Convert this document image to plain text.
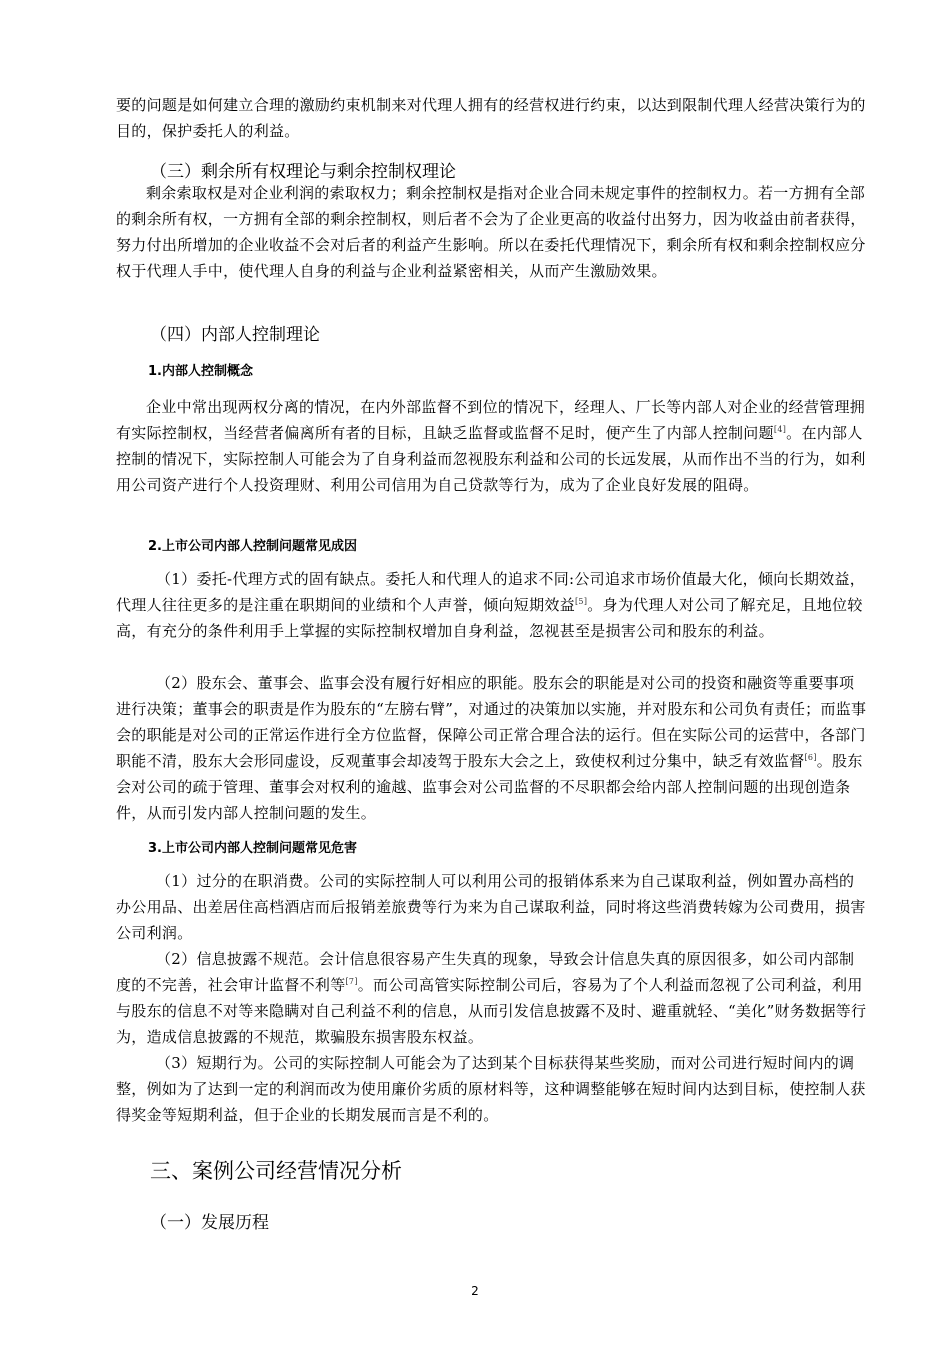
要的问题是如何建立合理的激励约束机制来对代理人拥有的经营权进行约束，以达到限制代理人经营决策行为的目的，保护委托人的利益。

（三）剩余所有权理论与剩余控制权理论

剩余索取权是对企业利润的索取权力；剩余控制权是指对企业合同未规定事件的控制权力。若一方拥有全部的剩余所有权，一方拥有全部的剩余控制权，则后者不会为了企业更高的收益付出努力，因为收益由前者获得，努力付出所增加的企业收益不会对后者的利益产生影响。所以在委托代理情况下，剩余所有权和剩余控制权应分权于代理人手中，使代理人自身的利益与企业利益紧密相关，从而产生激励效果。

（四）内部人控制理论
1.内部人控制概念

企业中常出现两权分离的情况，在内外部监督不到位的情况下，经理人、厂长等内部人对企业的经营管理拥有实际控制权，当经营者偏离所有者的目标，且缺乏监督或监督不足时，便产生了内部人控制问题[4]。在内部人控制的情况下，实际控制人可能会为了自身利益而忽视股东利益和公司的长远发展，从而作出不当的行为，如利用公司资产进行个人投资理财、利用公司信用为自己贷款等行为，成为了企业良好发展的阻碍。

2.上市公司内部人控制问题常见成因

（1）委托-代理方式的固有缺点。委托人和代理人的追求不同:公司追求市场价值最大化，倾向长期效益，代理人往往更多的是注重在职期间的业绩和个人声誉，倾向短期效益[5]。身为代理人对公司了解充足，且地位较高，有充分的条件利用手上掌握的实际控制权增加自身利益，忽视甚至是损害公司和股东的利益。

（2）股东会、董事会、监事会没有履行好相应的职能。股东会的职能是对公司的投资和融资等重要事项进行决策；董事会的职责是作为股东的“左膀右臂”，对通过的决策加以实施，并对股东和公司负有责任；而监事会的职能是对公司的正常运作进行全方位监督，保障公司正常合理合法的运行。但在实际公司的运营中，各部门职能不清，股东大会形同虚设，反观董事会却凌驾于股东大会之上，致使权利过分集中，缺乏有效监督[6]。股东会对公司的疏于管理、董事会对权利的逾越、监事会对公司监督的不尽职都会给内部人控制问题的出现创造条件，从而引发内部人控制问题的发生。

3.上市公司内部人控制问题常见危害

（1）过分的在职消费。公司的实际控制人可以利用公司的报销体系来为自己谋取利益，例如置办高档的办公用品、出差居住高档酒店而后报销差旅费等行为来为自己谋取利益，同时将这些消费转嫁为公司费用，损害公司利润。

（2）信息披露不规范。会计信息很容易产生失真的现象，导致会计信息失真的原因很多，如公司内部制度的不完善，社会审计监督不利等[7]。而公司高管实际控制公司后，容易为了个人利益而忽视了公司利益，利用与股东的信息不对等来隐瞒对自己利益不利的信息，从而引发信息披露不及时、避重就轻、“美化”财务数据等行为，造成信息披露的不规范，欺骗股东损害股东权益。

（3）短期行为。公司的实际控制人可能会为了达到某个目标获得某些奖励，而对公司进行短时间内的调整，例如为了达到一定的利润而改为使用廉价劣质的原材料等，这种调整能够在短时间内达到目标，使控制人获得奖金等短期利益，但于企业的长期发展而言是不利的。

三、案例公司经营情况分析
（一）发展历程
2
